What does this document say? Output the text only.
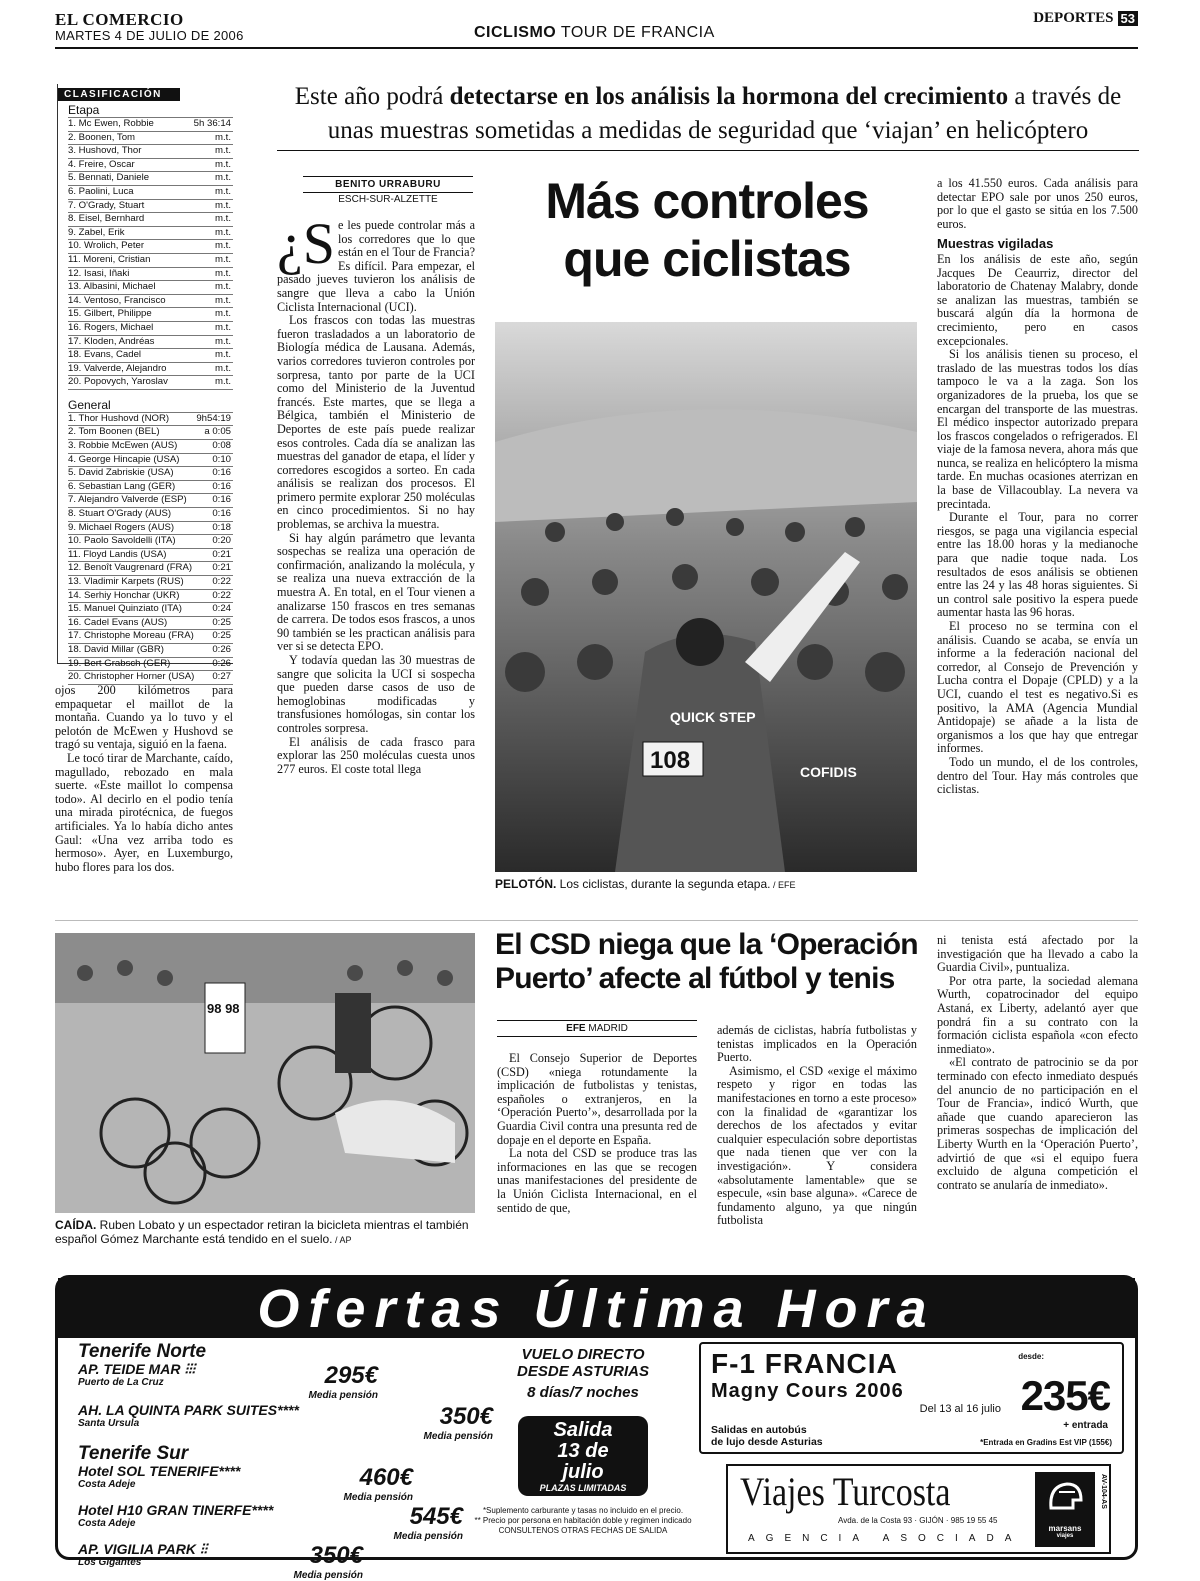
EL COMERCIO
MARTES 4 DE JULIO DE 2006	CICLISMO TOUR DE FRANCIA
DEPORTES 53
CLASIFICACIÓN
Etapa
1. Mc Ewen, Robbie	5h 36:14
2. Boonen, Tom	m.t.
3. Hushovd, Thor	m.t.
4. Freire, Oscar	m.t.
5. Bennati, Daniele	m.t.
6. Paolini, Luca	m.t.
7. O'Grady, Stuart	m.t.
8. Eisel, Bernhard	m.t.
9. Zabel, Erik	m.t.
10. Wrolich, Peter	m.t.
11. Moreni, Cristian	m.t.
12. Isasi, Iñaki	m.t.
13. Albasini, Michael	m.t.
14. Ventoso, Francisco	m.t.
15. Gilbert, Philippe	m.t.
16. Rogers, Michael	m.t.
17. Kloden, Andréas	m.t.
18. Evans, Cadel	m.t.
19. Valverde, Alejandro	m.t.
20. Popovych, Yaroslav	m.t.
General
1. Thor Hushovd (NOR)	9h54:19
2. Tom Boonen (BEL)	a 0:05
3. Robbie McEwen (AUS)	0:08
4. George Hincapie (USA)	0:10
5. David Zabriskie (USA)	0:16
6. Sebastian Lang (GER)	0:16
7. Alejandro Valverde (ESP)	0:16
8. Stuart O'Grady (AUS)	0:16
9. Michael Rogers (AUS)	0:18
10. Paolo Savoldelli (ITA)	0:20
11. Floyd Landis (USA)	0:21
12. Benoît Vaugrenard (FRA) 0:21
13. Vladimir Karpets (RUS)	0:22
14. Serhiy Honchar (UKR)	0:22
15. Manuel Quinziato (ITA)	0:24
16. Cadel Evans (AUS)	0:25
17. Christophe Moreau (FRA) 0:25
18. David Millar (GBR)	0:26
19. Bert Grabsch (GER)	0:26
20. Christopher Horner (USA) 0:27
Este año podrá detectarse en los análisis la hormona del crecimiento a través de unas muestras sometidas a medidas de seguridad que ‘viajan’ en helicóptero
BENITO URRABURU
ESCH-SUR-ALZETTE	Más controles que ciclistas

¿S e les puede controlar más a los corredores que lo que están en el Tour de Francia? Es difícil. Para empezar, el pasado jueves tuvieron los análisis de sangre que lleva a cabo la Unión Ciclista Internacional (UCI).

Los frascos con todas las muestras fueron trasladados a un laboratorio de Biología médica de Lausana. Además, varios corredores tuvieron controles por sorpresa, tanto por parte de la UCI como del Ministerio de la Juventud francés. Este martes, que se llega a Bélgica, también el Ministerio de Deportes de este país puede realizar esos controles. Cada día se analizan las muestras del ganador de etapa, el líder y corredores escogidos a sorteo. En cada análisis se realizan dos procesos. El primero permite explorar 250 moléculas en cinco procedimientos. Si no hay problemas, se archiva la muestra.

Si hay algún parámetro que levanta sospechas se realiza una operación de confirmación, analizando la molécula, y se realiza una nueva extracción de la muestra A. En total, en el Tour vienen a analizarse 150 frascos en tres semanas de carrera. De todos esos frascos, a unos 90 también se les practican análisis para ver si se detecta EPO.

Y todavía quedan las 30 muestras de sangre que solicita la UCI si sospecha que pueden darse casos de uso de hemoglobinas modificadas y transfusiones homólogas, sin contar los controles sorpresa.

El análisis de cada frasco para explorar las 250 moléculas cuesta unos 277 euros. El coste total llega	108
QUICK STEP
COFIDIS
PELOTÓN. Los ciclistas, durante la segunda etapa. / EFE

a los 41.550 euros. Cada análisis para detectar EPO sale por unos 250 euros, por lo que el gasto se sitúa en los 7.500 euros.

Muestras vigiladas

En los análisis de este año, según Jacques De Ceaurriz, director del laboratorio de Chatenay Malabry, donde se analizan las muestras, también se buscará algún día la hormona de crecimiento, pero en casos excepcionales.

Si los análisis tienen su proceso, el traslado de las muestras todos los días tampoco le va a la zaga. Son los organizadores de la prueba, los que se encargan del transporte de las muestras. El médico inspector autorizado prepara los frascos congelados o refrigerados. El viaje de la famosa nevera, ahora más que nunca, se realiza en helicóptero la misma tarde. En muchas ocasiones aterrizan en la base de Villacoublay. La nevera va precintada.

Durante el Tour, para no correr riesgos, se paga una vigilancia especial entre las 18.00 horas y la medianoche para que nadie toque nada. Los resultados de esos análisis se obtienen entre las 24 y las 48 horas siguientes. Si un control sale positivo la espera puede aumentar hasta las 96 horas.

El proceso no se termina con el análisis. Cuando se acaba, se envía un informe a la federación nacional del corredor, al Consejo de Prevención y Lucha contra el Dopaje (CPLD) y a la UCI, cuando el test es negativo.Si es positivo, la AMA (Agencia Mundial Antidopaje) se añade a la lista de organismos a los que hay que entregar informes.

Todo un mundo, el de los controles, dentro del Tour. Hay más controles que ciclistas.

ojos 200 kilómetros para empaquetar el maillot de la montaña. Cuando ya lo tuvo y el pelotón de McEwen y Hushovd se tragó su ventaja, siguió en la faena.

Le tocó tirar de Marchante, caído, magullado, rebozado en mala suerte. «Este maillot lo compensa todo». Al decirlo en el podio tenía una mirada pirotécnica, de fuegos artificiales. Ya lo había dicho antes Gaul: «Una vez arriba todo es hermoso». Ayer, en Luxemburgo, hubo flores para los dos.

98 98
CAÍDA. Ruben Lobato y un espectador retiran la bicicleta mientras el también español Gómez Marchante está tendido en el suelo. / AP
El CSD niega que la ‘Operación Puerto’ afecte al fútbol y tenis
EFE MADRID

El Consejo Superior de Deportes (CSD) «niega rotundamente la implicación de futbolistas y tenistas, españoles o extranjeros, en la ‘Operación Puerto’», desarrollada por la Guardia Civil contra una presunta red de dopaje en el deporte en España.

La nota del CSD se produce tras las informaciones en las que se recogen unas manifestaciones del presidente de la Unión Ciclista Internacional, en el sentido de que,

además de ciclistas, habría futbolistas y tenistas implicados en la Operación Puerto.

Asimismo, el CSD «exige el máximo respeto y rigor en todas las manifestaciones en torno a este proceso» con la finalidad de «garantizar los derechos de los afectados y evitar cualquier especulación sobre deportistas que nada tienen que ver con la investigación». Y considera «absolutamente lamentable» que se especule, «sin base alguna». «Carece de fundamento alguno, ya que ningún futbolista

ni tenista está afectado por la investigación que ha llevado a cabo la Guardia Civil», puntualiza.

Por otra parte, la sociedad alemana Wurth, copatrocinador del equipo Astaná, ex Liberty, adelantó ayer que pondrá fin a su contrato con la formación ciclista española «con efecto inmediato».

«El contrato de patrocinio se da por terminado con efecto inmediato después del anuncio de no participación en el Tour de Francia», indicó Wurth, que añade que cuando aparecieron las primeras sospechas de implicación del Liberty Wurth en la ‘Operación Puerto’, advirtió de que «si el equipo fuera excluido de alguna competición el contrato se anularía de inmediato».

Ofertas Última Hora
Tenerife Norte
AP. TEIDE MAR ⫶⫶⫶
Puerto de La Cruz	295€
Media pensión
AH. LA QUINTA PARK SUITES****
Santa Ursula	350€
Media pensión
Tenerife Sur
Hotel SOL TENERIFE****
Costa Adeje	460€
Media pensión
Hotel H10 GRAN TINERFE****
Costa Adeje	545€
Media pensión
AP. VIGILIA PARK ⫶⫶
Los Gigantes	350€
Media pensión
VUELO DIRECTO
DESDE ASTURIAS
8 días/7 noches
Salida
13 de
julio
PLAZAS LIMITADAS
*Suplemento carburante y tasas no incluido en el precio.
** Precio por persona en habitación doble y regimen indicado
CONSULTENOS OTRAS FECHAS DE SALIDA
F-1 FRANCIA
Magny Cours 2006
Del 13 al 16 julio
desde:
235€
+ entrada
Salidas en autobús
de lujo desde Asturias	*Entrada en Gradins Est VIP (155€)
Viajes Turcosta
Avda. de la Costa 93 · GIJÓN · 985 19 55 45
AGENCIA ASOCIADA
marsans
viajes
AV-104-AS
